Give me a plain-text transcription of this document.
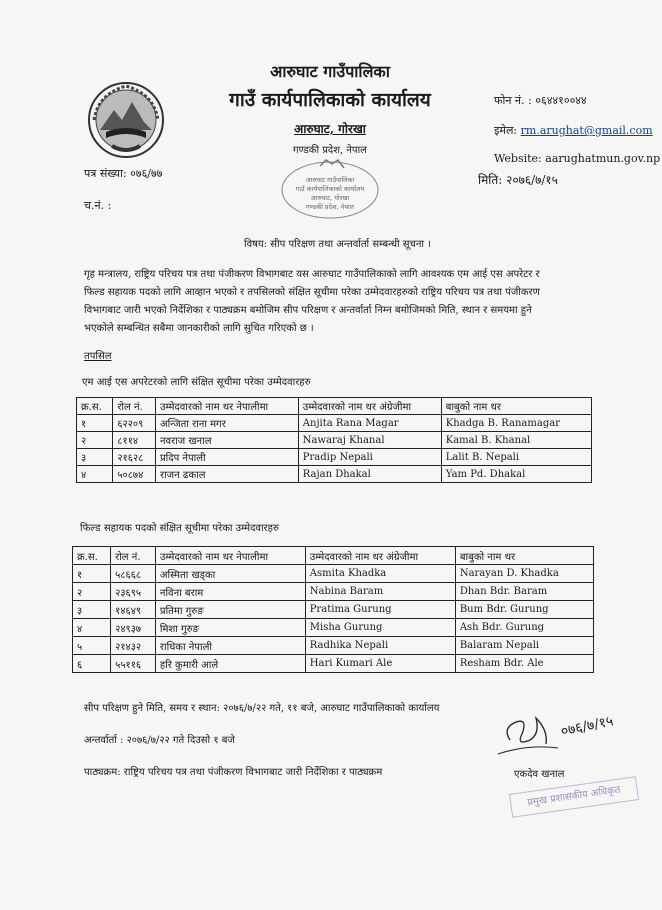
आरुघाट गाउँपालिका
गाउँ कार्यपालिकाको कार्यालय
आरुघाट, गोरखा
गण्डकी प्रदेश, नेपाल
आरुघाट गाउँपालिका
गाउँ कार्यपालिकाको कार्यालय
आरुघाट, गोरखा
गण्डकी प्रदेश, नेपाल
फोन नं. : ०६४४१००४४
इमेल: rm.arughat@gmail.com
Website: aarughatmun.gov.np
मिति: २०७६/७/१५
पत्र संख्या: ०७६/७७
च.नं. :
विषय: सीप परिक्षण तथा अन्तर्वार्ता सम्बन्धी सूचना ।
गृह मन्त्रालय, राष्ट्रिय परिचय पत्र तथा पंजीकरण विभागबाट यस आरुघाट गाउँपालिकाको लागि आवश्यक एम आई एस अपरेटर र
फिल्ड सहायक पदको लागि आव्हान भएको र तपसिलको संक्षित सूचीमा परेका उम्मेदवारहरुको राष्ट्रिय परिचय पत्र तथा पंजीकरण
विभागबाट जारी भएको निर्देशिका र पाठ्यक्रम बमोजिम सीप परिक्षण र अन्तर्वार्ता निम्न बमोजिमको मिति, स्थान र समयमा हुने
भएकोले सम्बन्धित सबैमा जानकारीको लागि सुचित गरिएको छ ।
तपसिल
एम आई एस अपरेटरको लागि संक्षित सूचीमा परेका उम्मेदवारहरु
क्र.स.	रोल नं.	उम्मेदवारको नाम थर नेपालीमा	उम्मेदवारको नाम थर अंग्रेजीमा	बाबुको नाम थर
१	६२२०९	अन्जिता राना मगर	Anjita Rana Magar	Khadga B. Ranamagar
२	८११४	नवराज खनाल	Nawaraj Khanal	Kamal B. Khanal
३	२१६२८	प्रदिप नेपाली	Pradip Nepali	Lalit B. Nepali
४	५०८७४	राजन ढकाल	Rajan Dhakal	Yam Pd. Dhakal
फिल्ड सहायक पदको संक्षित सूचीमा परेका उम्मेदवारहरु
क्र.स.	रोल नं.	उम्मेदवारको नाम थर नेपालीमा	उम्मेदवारको नाम थर अंग्रेजीमा	बाबुको नाम थर
१	५८६६८	अस्मिता खड्का	Asmita Khadka	Narayan D. Khadka
२	२३६९५	नविना बराम	Nabina Baram	Dhan Bdr. Baram
३	१४६४९	प्रतिमा गुरुङ	Pratima Gurung	Bum Bdr. Gurung
४	२४९३७	मिशा गुरुङ	Misha Gurung	Ash Bdr. Gurung
५	२१४३२	राधिका नेपाली	Radhika Nepali	Balaram Nepali
६	५५११६	हरि कुमारी आले	Hari Kumari Ale	Resham Bdr. Ale
सीप परिक्षण हुने मिति, समय र स्थान: २०७६/७/२२ गते, ११ बजे, आरुघाट गाउँपालिकाको कार्यालय
अन्तर्वार्ता : २०७६/७/२२ गते दिउसो १ बजे
पाठ्यक्रम: राष्ट्रिय परिचय पत्र तथा पंजीकरण विभागबाट जारी निर्देशिका र पाठ्यक्रम
०७६/७/१५
एकदेव खनाल
प्रमुख प्रशासकीय अधिकृत
